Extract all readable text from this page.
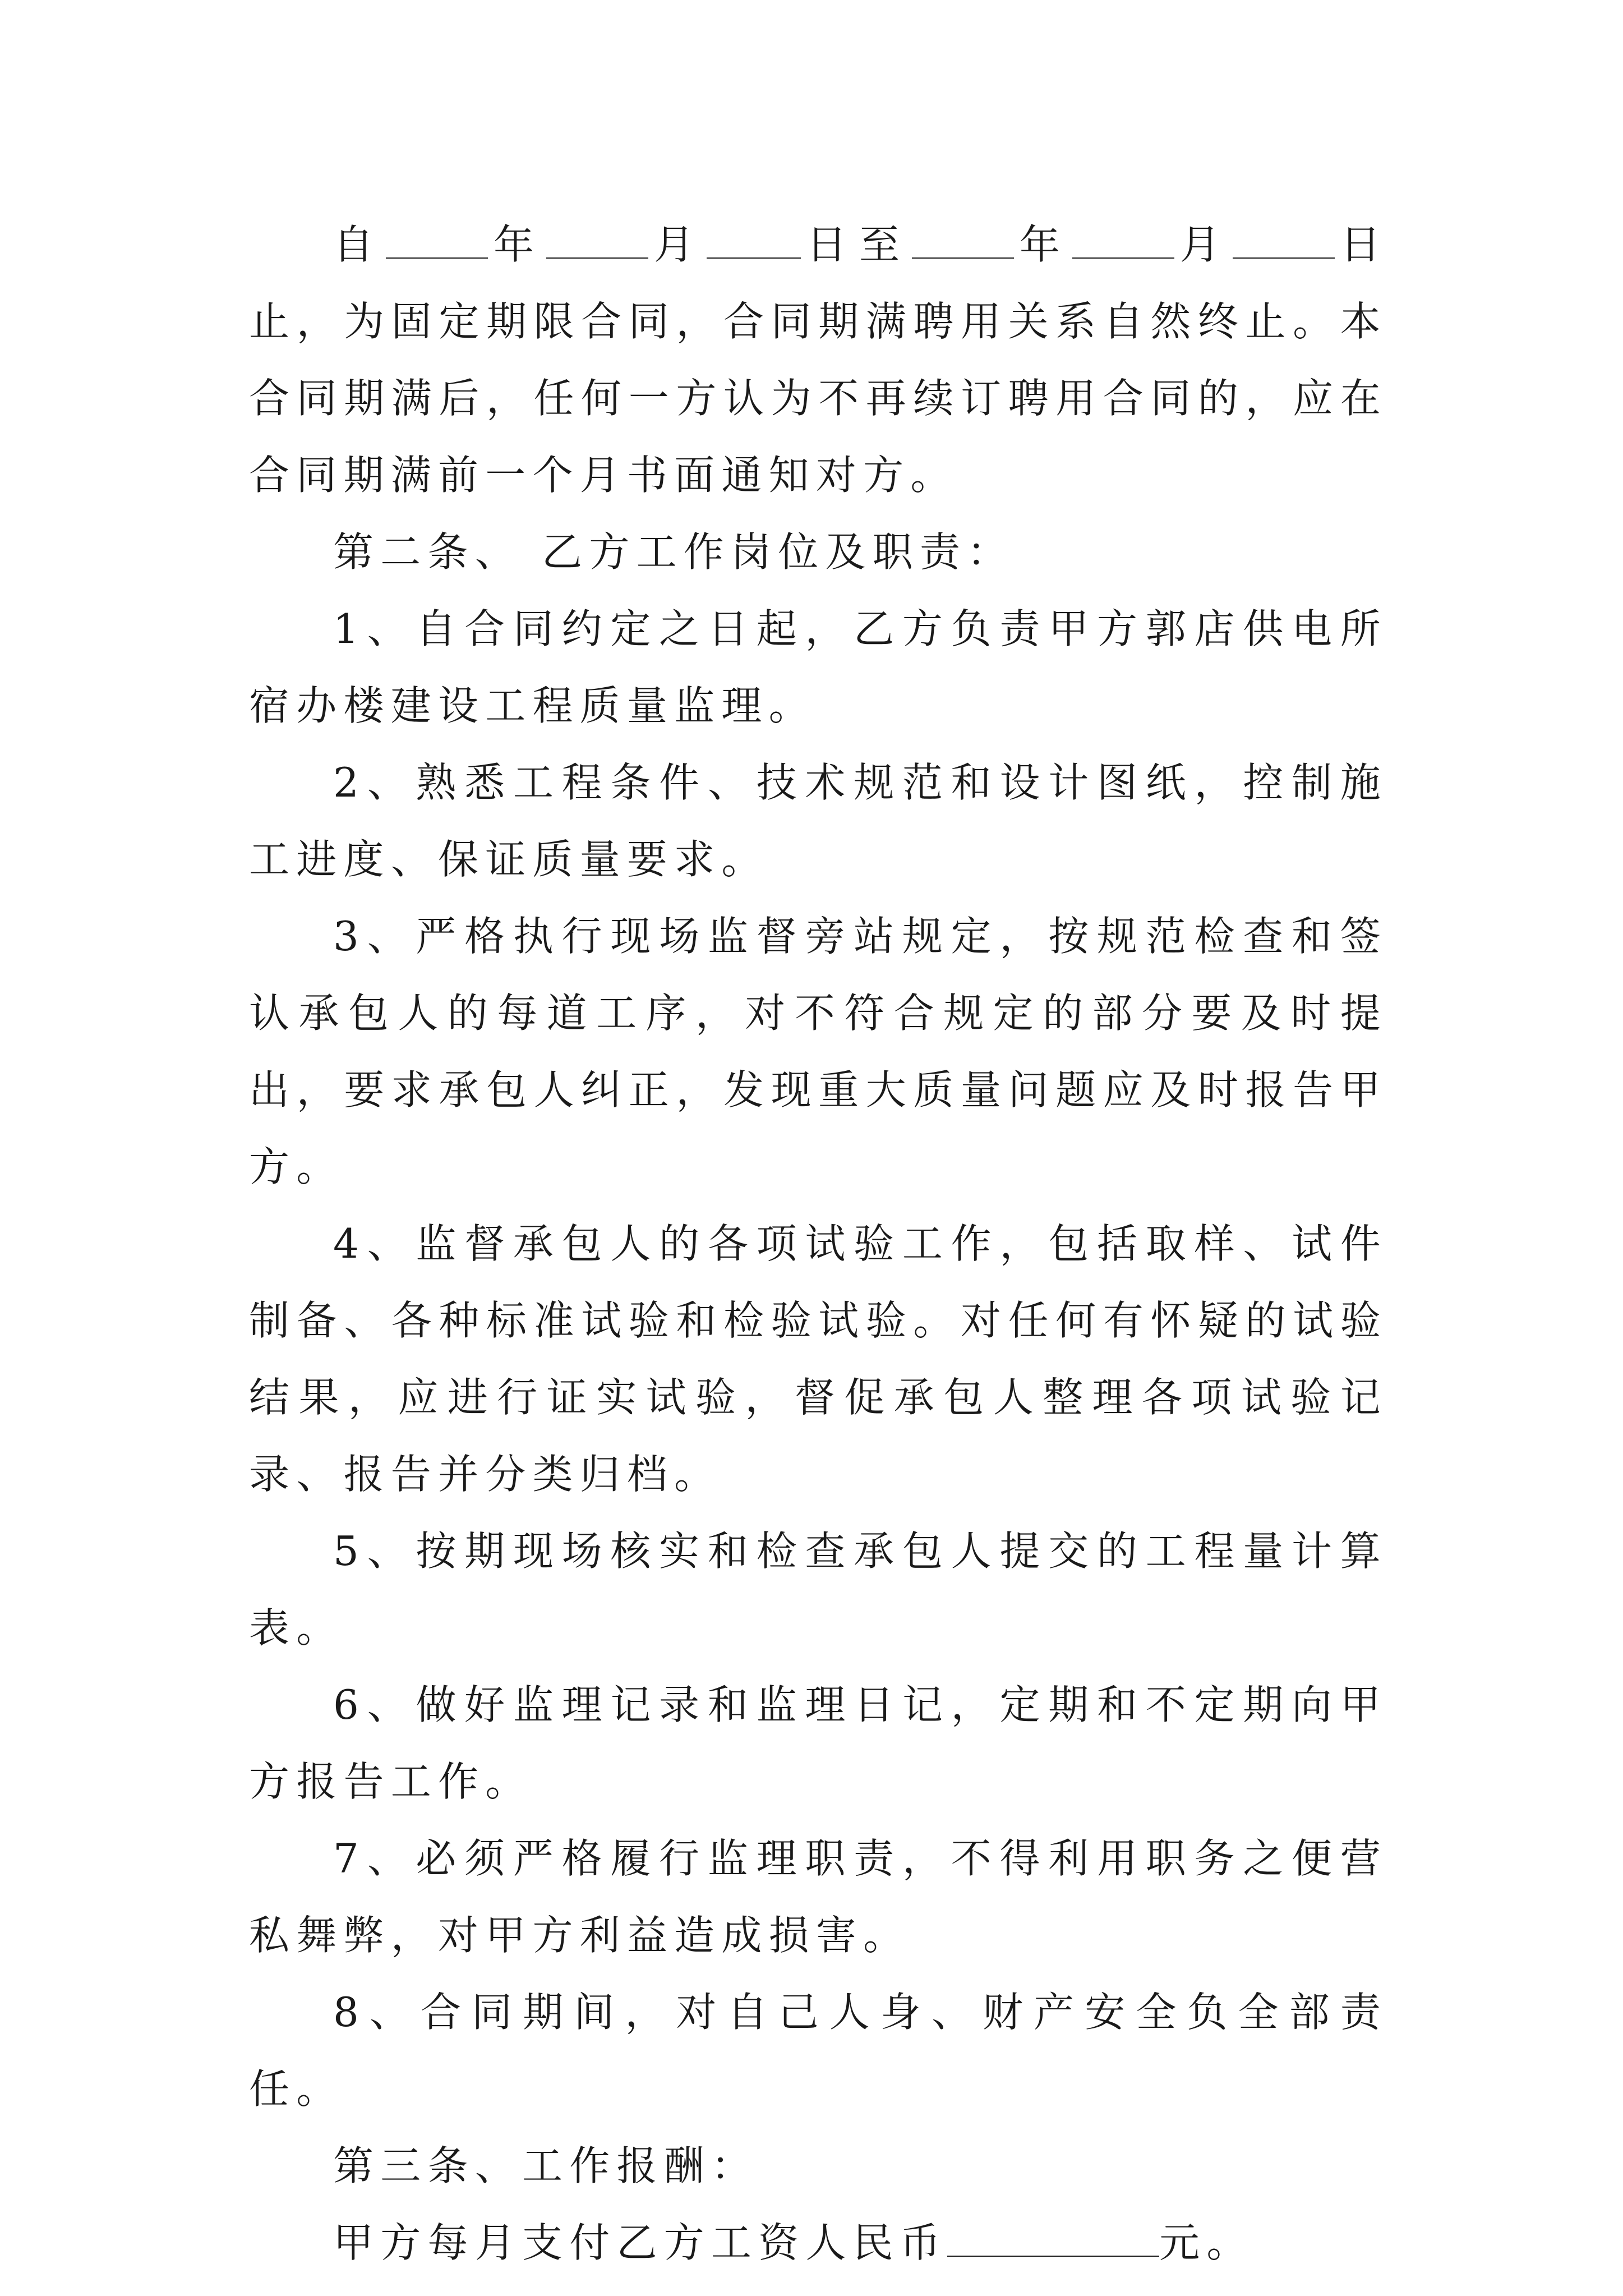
自	年	月 日至	年	月	日止，为固定期限合同，合同期满聘用关系自然终止。本合同期满后，任何一方认为不再续订聘用合同的，应在合同期满前一个月书面通知对方。

第二条、 乙方工作岗位及职责：

1、自合同约定之日起，乙方负责甲方郭店供电所宿办楼建设工程质量监理。

2、熟悉工程条件、技术规范和设计图纸，控制施工进度、保证质量要求。

3、严格执行现场监督旁站规定，按规范检查和签认承包人的每道工序，对不符合规定的部分要及时提出，要求承包人纠正，发现重大质量问题应及时报告甲方。

4、监督承包人的各项试验工作，包括取样、试件制备、各种标准试验和检验试验。对任何有怀疑的试验结果，应进行证实试验，督促承包人整理各项试验记录、报告并分类归档。

5、按期现场核实和检查承包人提交的工程量计算表。

6、做好监理记录和监理日记，定期和不定期向甲方报告工作。

7、必须严格履行监理职责，不得利用职务之便营私舞弊，对甲方利益造成损害。

8、合同期间，对自己人身、财产安全负全部责任。

第三条、工作报酬：

甲方每月支付乙方工资人民币	元。
